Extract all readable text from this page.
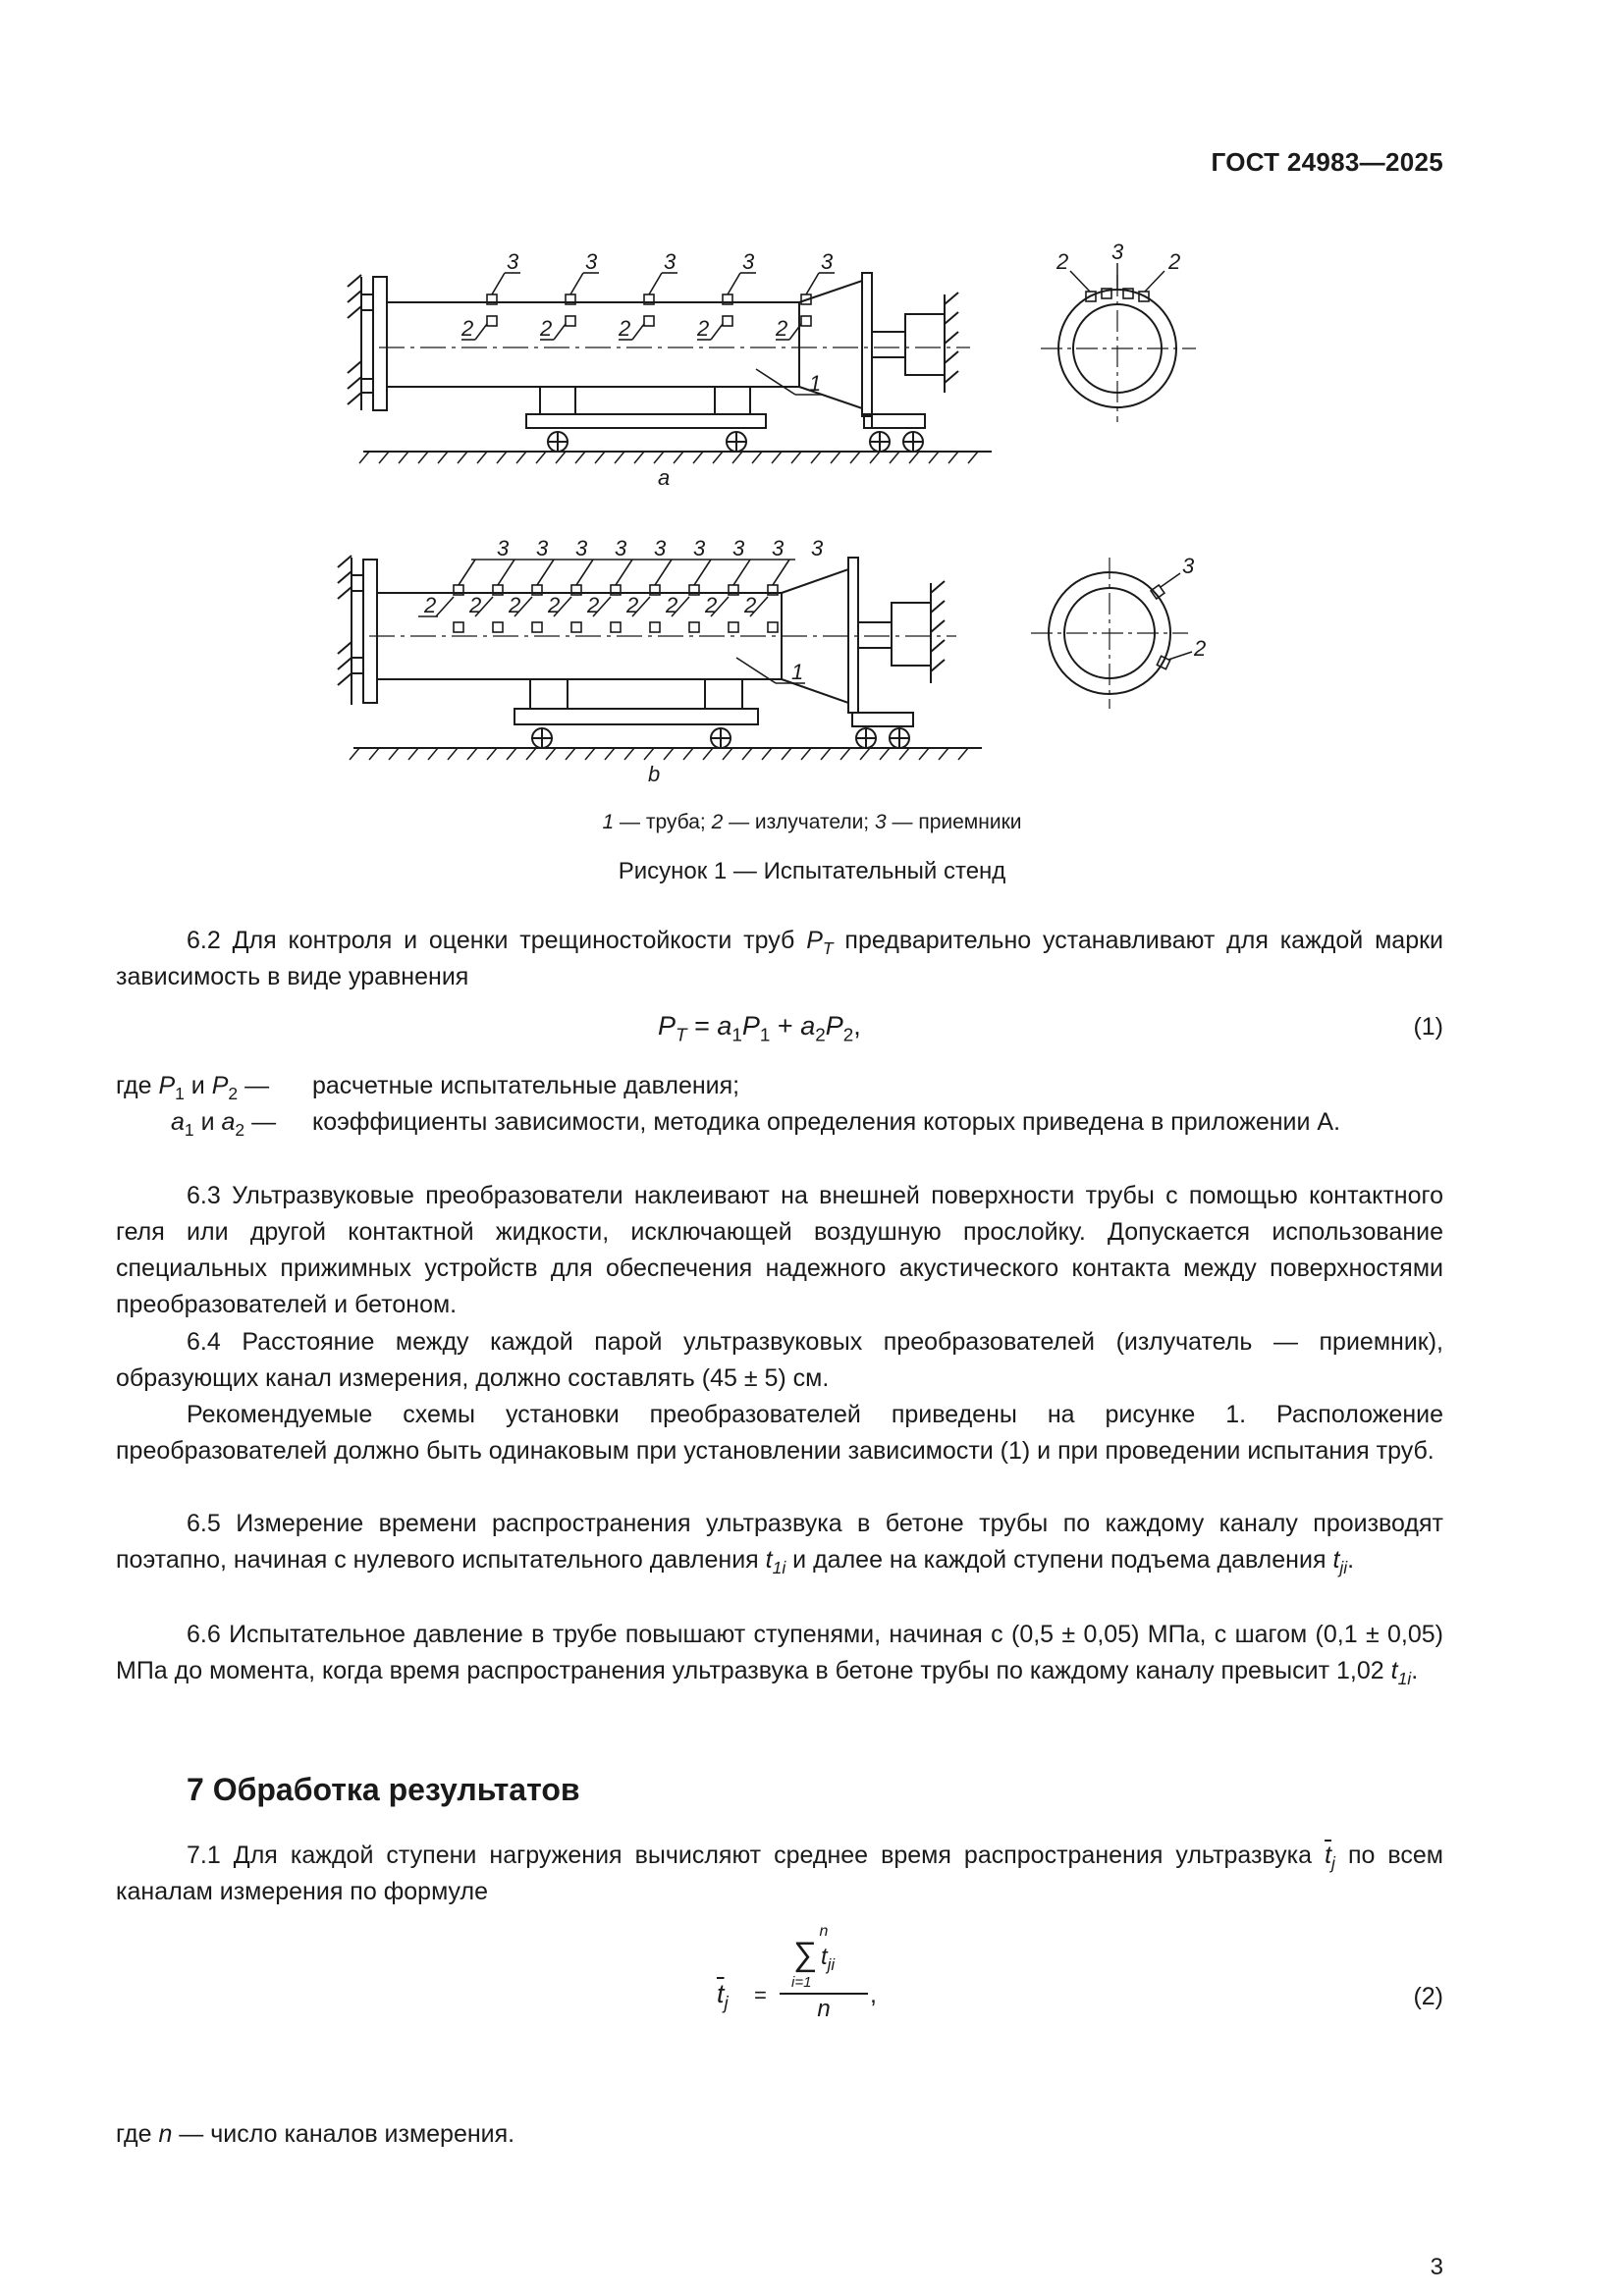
ГОСТ 24983—2025
3	3	3	3	3
2	2	2	2	2
1
2 3 2
a
3 3 3 3 3 3 3 3 3
2 2 2 2 2 2 2 2 2
1
3
2
b
1 — труба; 2 — излучатели; 3 — приемники
Рисунок 1 — Испытательный стенд
6.2 Для контроля и оценки трещиностойкости труб $P_T$ предварительно устанавливают для каждой марки зависимость в виде уравнения
$P_T = a_1P_1 + a_2P_2$,	(1)
где $P_1$ и $P_2$ —	расчетные испытательные давления;
$a_1$ и $a_2$ —	коэффициенты зависимости, методика определения которых приведена в приложении А.
6.3 Ультразвуковые преобразователи наклеивают на внешней поверхности трубы с помощью контактного геля или другой контактной жидкости, исключающей воздушную прослойку. Допускается использование специальных прижимных устройств для обеспечения надежного акустического контакта между поверхностями преобразователей и бетоном.
6.4 Расстояние между каждой парой ультразвуковых преобразователей (излучатель — приемник), образующих канал измерения, должно составлять (45 ± 5) см.
Рекомендуемые схемы установки преобразователей приведены на рисунке 1. Расположение преобразователей должно быть одинаковым при установлении зависимости (1) и при проведении испытания труб.
6.5 Измерение времени распространения ультразвука в бетоне трубы по каждому каналу производят поэтапно, начиная с нулевого испытательного давления $t_{1i}$ и далее на каждой ступени подъема давления $t_{ji}$.
6.6 Испытательное давление в трубе повышают ступенями, начиная с (0,5 ± 0,05) МПа, с шагом (0,1 ± 0,05) МПа до момента, когда время распространения ультразвука в бетоне трубы по каждому каналу превысит 1,02 $t_{1i}$.
7 Обработка результатов
7.1 Для каждой ступени нагружения вычисляют среднее время распространения ультразвука $\overline{t}_j$ по всем каналам измерения по формуле
$\overline{t}_j$ =
n
∑ $t_{ji}$
i=1
n
,	(2)
где n — число каналов измерения.
3
